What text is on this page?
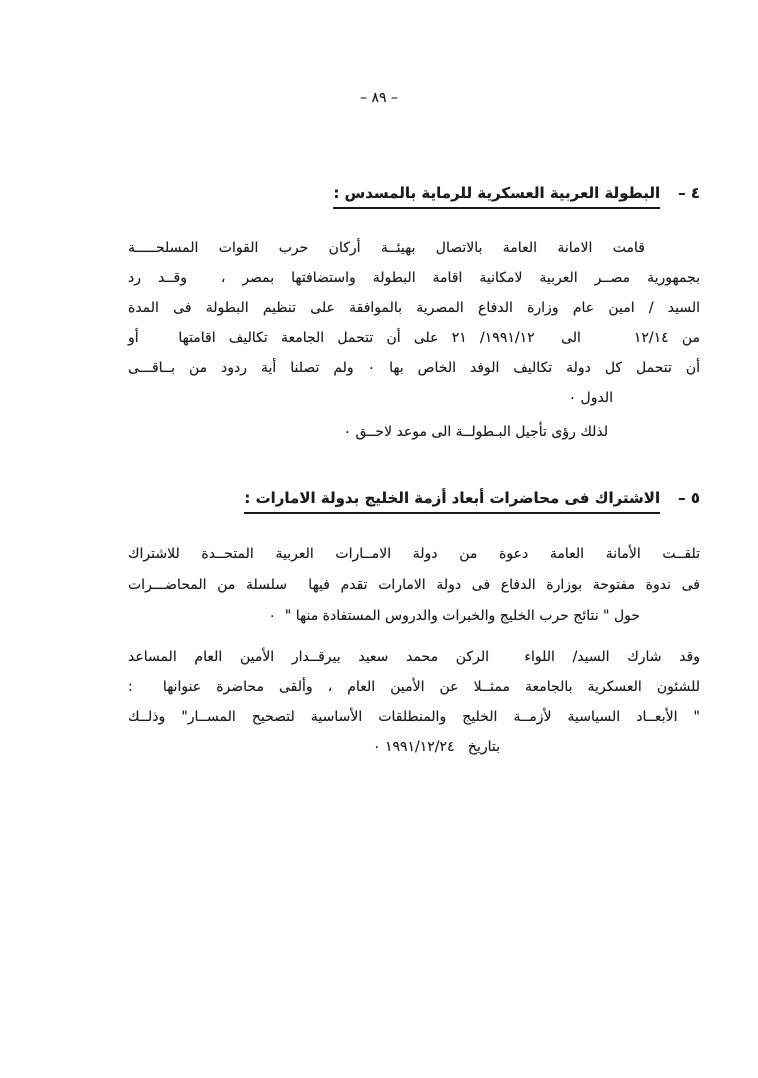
– ٨٩ –
٤ –البطولة العربية العسكرية للرماية بالمسدس :
قامت الامانة العامة بالاتصال بهيئــة أركان حرب القوات المسلحـــــة
بجمهورية مصــر العربية لامكانية اقامة البطولة واستضافتها بمصر ،  وقــد رد
السيد / امين عام وزارة الدفاع المصرية بالموافقة على تنظيم البطولة فى المدة
من ١٢/١٤    الى  ⁦١٩٩١/١٢/ ٢١⁩ على أن تتحمل الجامعة تكاليف اقامتها   أو
أن تتحمل كل دولة تكاليف الوفد الخاص بها ٠ ولم تصلنا أية ردود من بــاقـــى
الدول ٠
لذلك رؤى تأجيل البـطولــة الى موعد لاحــق ٠
٥ –الاشتراك فى محاضرات أبعاد أزمة الخليج بدولة الامارات :
تلقــت الأمانة العامة دعوة من دولة الامــارات العربية المتحــدة للاشتراك
فى ندوة مفتوحة بوزارة الدفاع فى دولة الامارات تقدم فيها  سلسلة من المحاضـــرات
حول " نتائج حرب الخليج والخبرات والدروس المستفادة منها "  ٠
وقد شارك السيد/ اللواء  الركن محمد سعيد بيرقــدار الأمين العام المساعد
للشئون العسكرية بالجامعة ممثــلا عن الأمين العام ، وألقى محاضرة عنوانها  :
" الأبعــاد السياسية لأزمــة الخليج والمنطلقات الأساسية لتصحيح المســار" وذلــك
بتاريخ   ١٩٩١/١٢/٢٤ ٠
